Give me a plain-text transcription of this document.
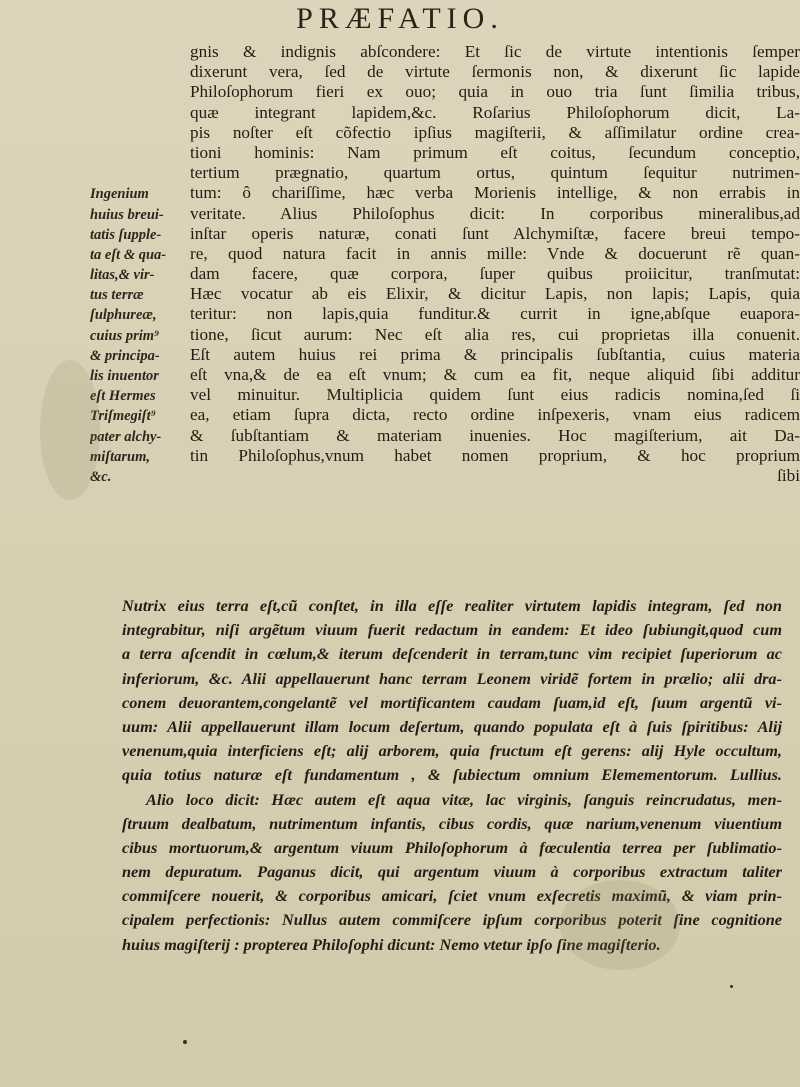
PRÆFATIO.
gnis & indignis abſcondere: Et ſic de virtute intentionis ſemper
dixerunt vera, ſed de virtute ſermonis non, & dixerunt ſic lapide
Philoſophorum fieri ex ouo; quia in ouo tria ſunt ſimilia tribus,
quæ integrant lapidem,&c. Roſarius Philoſophorum dicit, La-
pis noſter eſt cõfectio ipſius magiſterii, & aſſimilatur ordine crea-
tioni hominis: Nam primum eſt coitus, ſecundum conceptio,
tertium prægnatio, quartum ortus, quintum ſequitur nutrimen-
Ingenium	tum: ô chariſſime, hæc verba Morienis intellige, & non errabis in
huius breui-	veritate. Alius Philoſophus dicit: In corporibus mineralibus,ad
tatis ſupple-	inſtar operis naturæ, conati ſunt Alchymiſtæ, facere breui tempo-
ta eſt & qua-	re, quod natura facit in annis mille: Vnde & docuerunt rẽ quan-
litas,& vir-	dam facere, quæ corpora, ſuper quibus proiicitur, tranſmutat:
tus terræ	Hæc vocatur ab eis Elixir, & dicitur Lapis, non lapis; Lapis, quia
ſulphureæ,	teritur: non lapis,quia funditur.& currit in igne,abſque euapora-
cuius prim⁹	tione, ſicut aurum: Nec eſt alia res, cui proprietas illa conuenit.
& principa-	Eſt autem huius rei prima & principalis ſubſtantia, cuius materia
lis inuentor	eſt vna,& de ea eſt vnum; & cum ea fit, neque aliquid ſibi additur
eſt Hermes	vel minuitur. Multiplicia quidem ſunt eius radicis nomina,ſed ſi
Triſmegiſt⁹	ea, etiam ſupra dicta, recto ordine inſpexeris, vnam eius radicem
pater alchy-	& ſubſtantiam & materiam inuenies. Hoc magiſterium, ait Da-
miſtarum,	tin Philoſophus,vnum habet nomen proprium, & hoc proprium
&c.	ſibi
Nutrix eius terra eſt,cũ conſtet, in illa eſſe realiter virtutem lapidis integram, ſed non
integrabitur, niſi argẽtum viuum fuerit redactum in eandem: Et ideo ſubiungit,quod cum
a terra aſcendit in cœlum,& iterum deſcenderit in terram,tunc vim recipiet ſuperiorum ac
inferiorum, &c. Alii appellauerunt hanc terram Leonem viridẽ fortem in prælio; alii dra-
conem deuorantem,congelantẽ vel mortificantem caudam ſuam,id eſt, ſuum argentũ vi-
uum: Alii appellauerunt illam locum deſertum, quando populata eſt à ſuis ſpiritibus: Alij
venenum,quia interficiens eſt; alij arborem, quia fructum eſt gerens: alij Hyle occultum,
quia totius naturæ eſt fundamentum , & ſubiectum omnium Elemementorum. Lullius.
Alio loco dicit: Hæc autem eſt aqua vitæ, lac virginis, ſanguis reincrudatus, men-
ſtruum dealbatum, nutrimentum infantis, cibus cordis, quæ narium,venenum viuentium
cibus mortuorum,& argentum viuum Philoſophorum à fœculentia terrea per ſublimatio-
nem depuratum. Paganus dicit, qui argentum viuum à corporibus extractum taliter
commiſcere nouerit, & corporibus amicari, ſciet vnum exſecretis maximũ, & viam prin-
cipalem perfectionis: Nullus autem commiſcere ipſum corporibus poterit ſine cognitione
huius magiſterij : propterea Philoſophi dicunt: Nemo vtetur ipſo ſine magiſterio.
